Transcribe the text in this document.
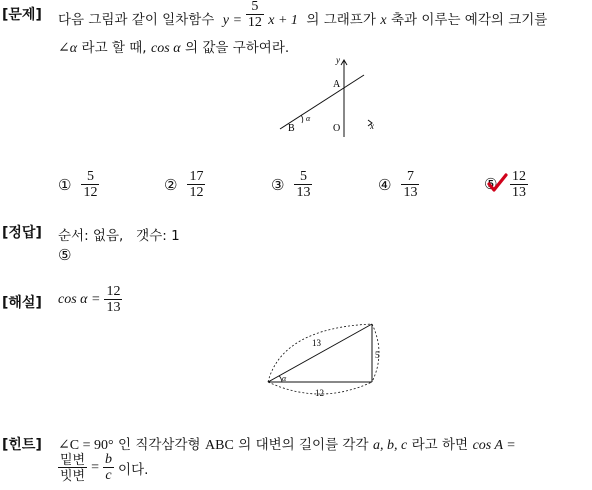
[문제] 다음 그림과 같이 일차함수 $y = \frac{5}{12}$ x + 1 의 그래프가 x 축과 이루는 예각의 크기를
∠α 라고 할 때, cos α 의 값을 구하여라.
y
x
A
B	O
α
① $\frac{5}{12}$	② $\frac{17}{12}$	③ $\frac{5}{13}$	④ $\frac{7}{13}$	⑤ $\frac{12}{13}$
[정답] 순서: 없음,   갯수: 1
⑤
[해설] $\cos \alpha = \frac{12}{13}$
13
12
5
α
[힌트] ∠C = 90° 인 직각삼각형 ABC 의 대변의 길이를 각각 a, b, c 라고 하면 cos A =
$\frac{\text{밑변}}{\text{빗변}} = \frac{b}{c}$ 이다.
